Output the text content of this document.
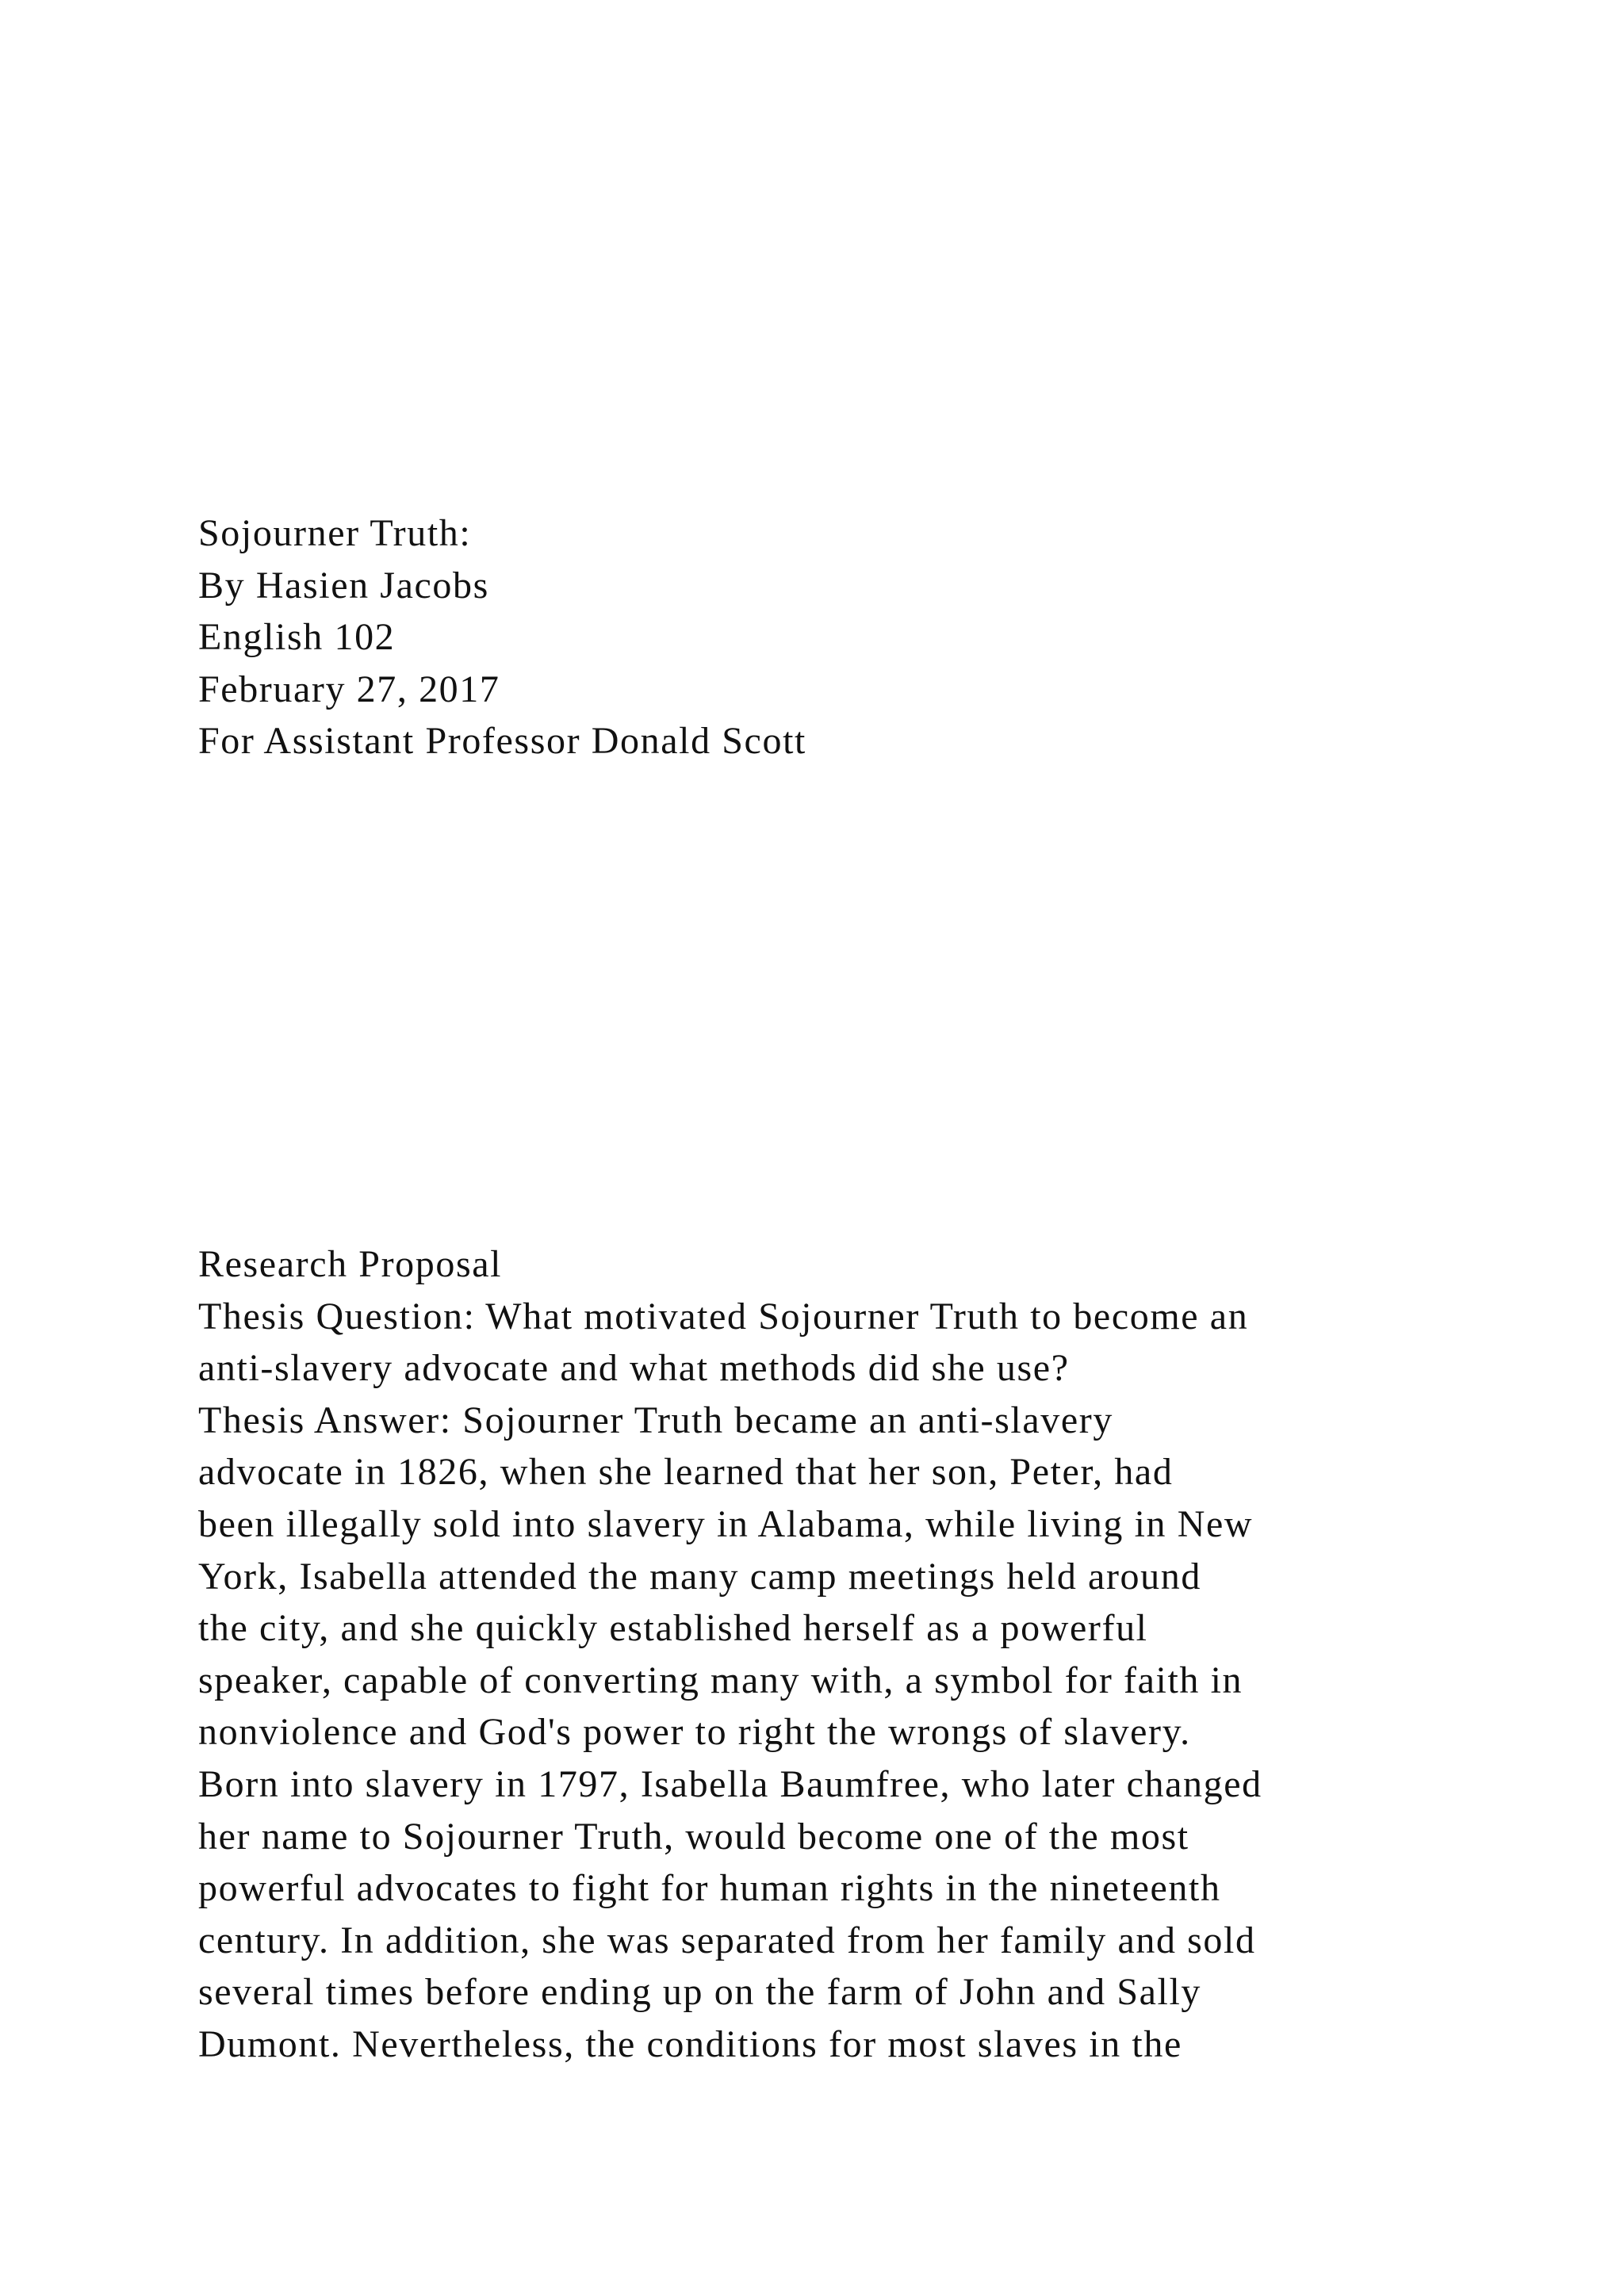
Sojourner Truth:
By Hasien Jacobs
English 102
February 27, 2017
For Assistant Professor Donald Scott
Research Proposal
Thesis Question: What motivated Sojourner Truth to become an
anti-slavery advocate and what methods did she use?
Thesis Answer: Sojourner Truth became an anti-slavery
advocate in 1826, when she learned that her son, Peter, had
been illegally sold into slavery in Alabama, while living in New
York, Isabella attended the many camp meetings held around
the city, and she quickly established herself as a powerful
speaker, capable of converting many with, a symbol for faith in
nonviolence and God's power to right the wrongs of slavery.
Born into slavery in 1797, Isabella Baumfree, who later changed
her name to Sojourner Truth, would become one of the most
powerful advocates to fight for human rights in the nineteenth
century. In addition, she was separated from her family and sold
several times before ending up on the farm of John and Sally
Dumont. Nevertheless, the conditions for most slaves in the
